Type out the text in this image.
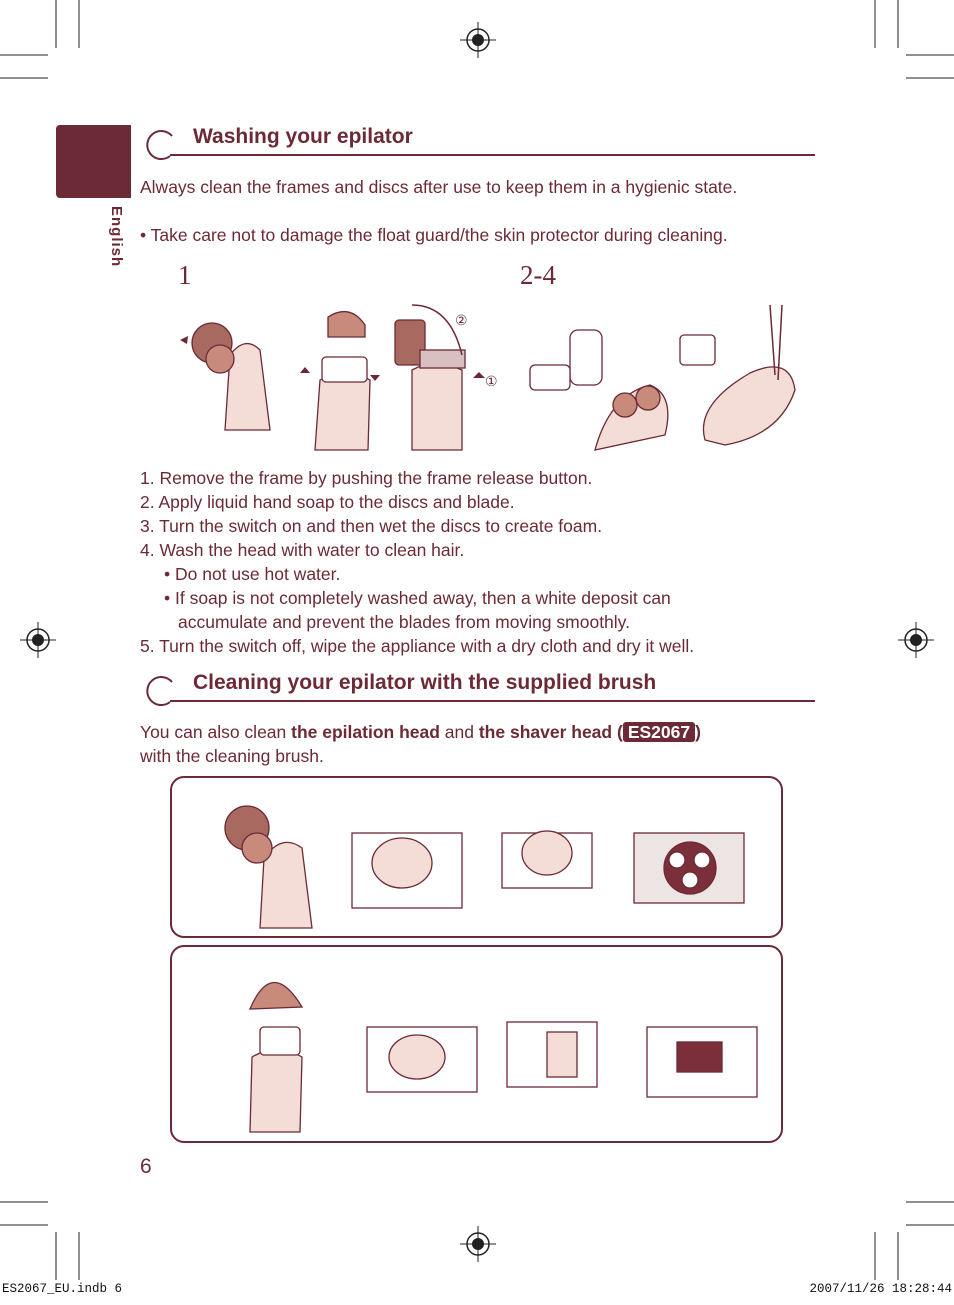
English
Washing your epilator
Always clean the frames and discs after use to keep them in a hygienic state.
• Take care not to damage the float guard/the skin protector during cleaning.
1	2-4
②
①
1. Remove the frame by pushing the frame release button.
2. Apply liquid hand soap to the discs and blade.
3. Turn the switch on and then wet the discs to create foam.
4. Wash the head with water to clean hair.
• Do not use hot water.
• If soap is not completely washed away, then a white deposit can
accumulate and prevent the blades from moving smoothly.
5. Turn the switch off, wipe the appliance with a dry cloth and dry it well.
Cleaning your epilator with the supplied brush
You can also clean the epilation head and the shaver head ( ES2067 )
with the cleaning brush.
6
ES2067_EU.indb 6	2007/11/26 18:28:44
